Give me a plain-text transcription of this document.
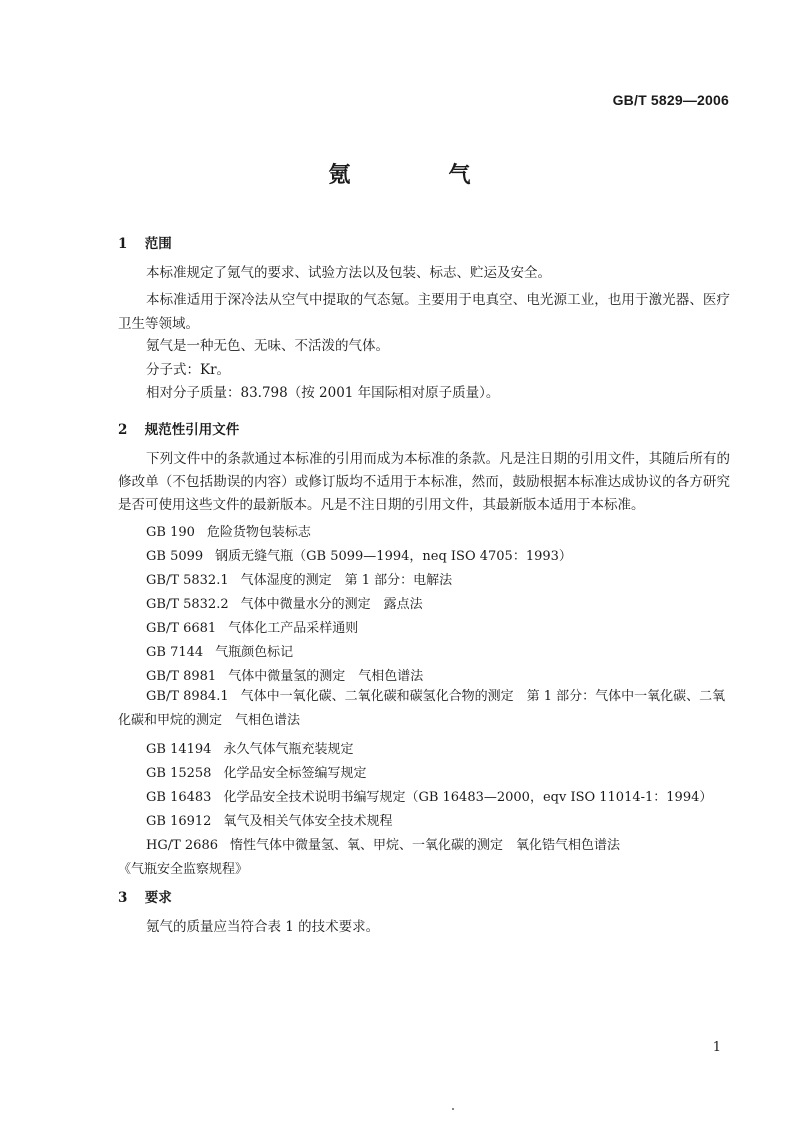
GB/T 5829—2006
氪　气
1 范围
本标准规定了氪气的要求、试验方法以及包装、标志、贮运及安全。
本标准适用于深冷法从空气中提取的气态氪。主要用于电真空、电光源工业，也用于激光器、医疗卫生等领域。
氪气是一种无色、无味、不活泼的气体。
分子式：Kr。
相对分子质量：83.798（按 2001 年国际相对原子质量）。
2 规范性引用文件
下列文件中的条款通过本标准的引用而成为本标准的条款。凡是注日期的引用文件，其随后所有的修改单（不包括勘误的内容）或修订版均不适用于本标准，然而，鼓励根据本标准达成协议的各方研究是否可使用这些文件的最新版本。凡是不注日期的引用文件，其最新版本适用于本标准。
GB 190 危险货物包装标志
GB 5099 钢质无缝气瓶（GB 5099—1994，neq ISO 4705：1993）
GB/T 5832.1 气体湿度的测定　第 1 部分：电解法
GB/T 5832.2 气体中微量水分的测定　露点法
GB/T 6681 气体化工产品采样通则
GB 7144 气瓶颜色标记
GB/T 8981 气体中微量氢的测定　气相色谱法
GB/T 8984.1 气体中一氧化碳、二氧化碳和碳氢化合物的测定　第 1 部分：气体中一氧化碳、二氧化碳和甲烷的测定　气相色谱法
GB 14194 永久气体气瓶充装规定
GB 15258 化学品安全标签编写规定
GB 16483 化学品安全技术说明书编写规定（GB 16483—2000，eqv ISO 11014-1：1994）
GB 16912 氧气及相关气体安全技术规程
HG/T 2686 惰性气体中微量氢、氧、甲烷、一氧化碳的测定　氧化锆气相色谱法
《气瓶安全监察规程》
3 要求
氪气的质量应当符合表 1 的技术要求。
1
